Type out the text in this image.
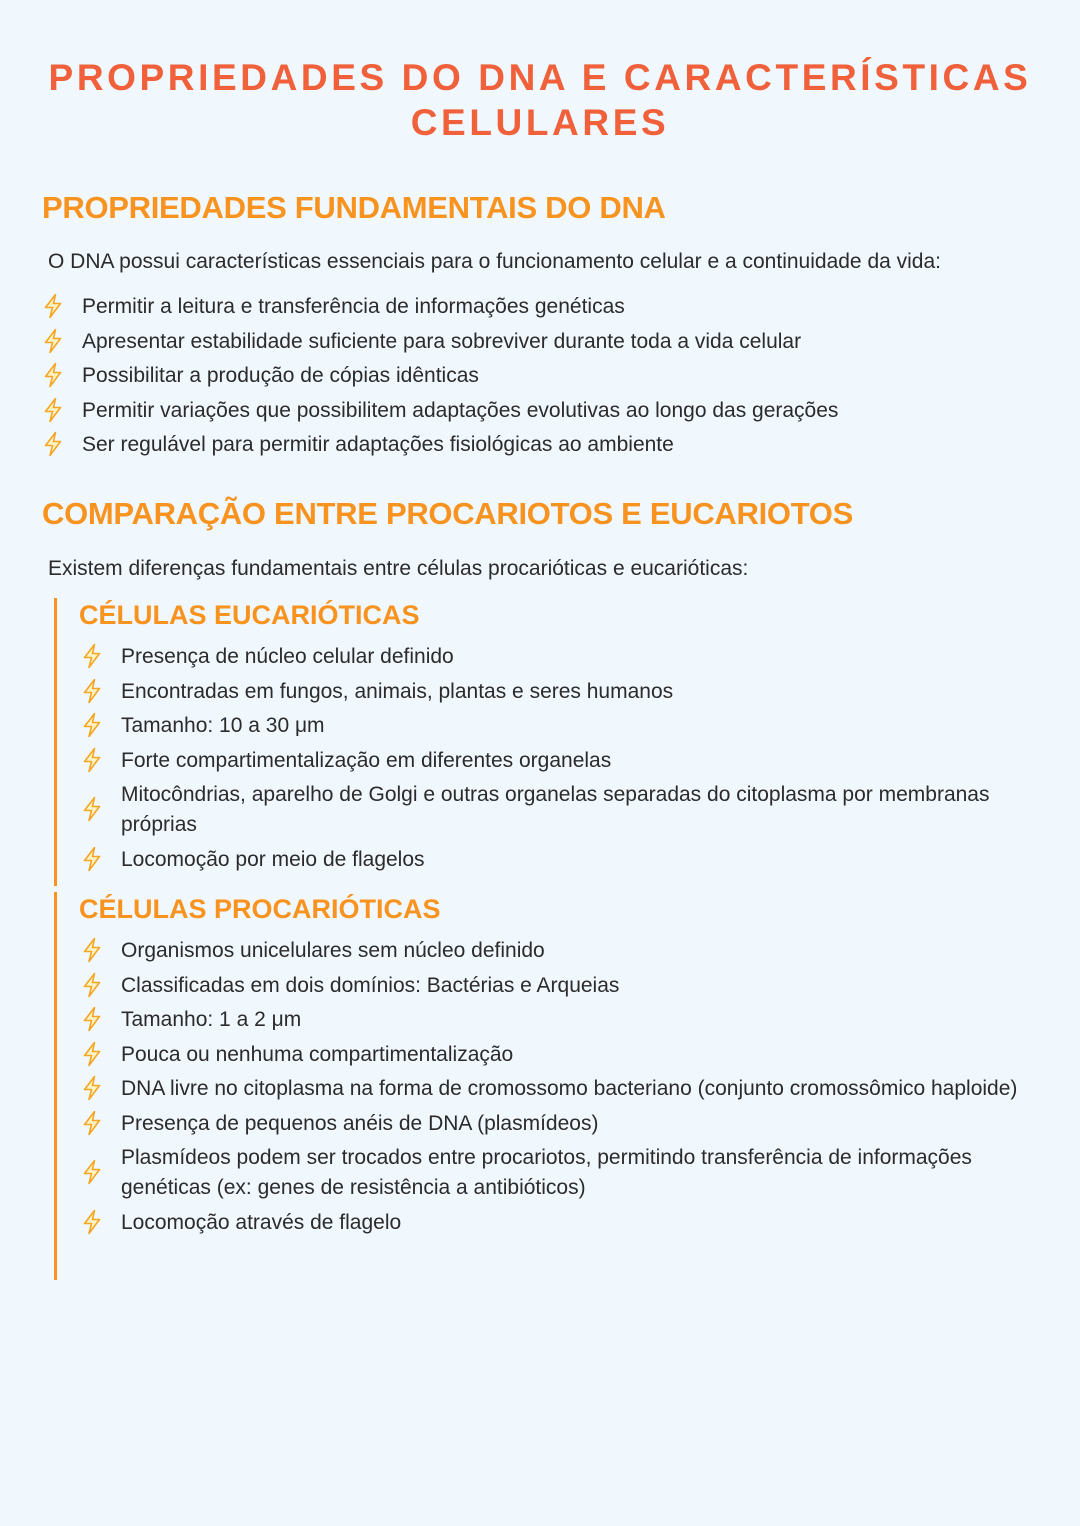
PROPRIEDADES DO DNA E CARACTERÍSTICAS CELULARES
PROPRIEDADES FUNDAMENTAIS DO DNA

O DNA possui características essenciais para o funcionamento celular e a continuidade da vida:

Permitir a leitura e transferência de informações genéticas
Apresentar estabilidade suficiente para sobreviver durante toda a vida celular
Possibilitar a produção de cópias idênticas
Permitir variações que possibilitem adaptações evolutivas ao longo das gerações
Ser regulável para permitir adaptações fisiológicas ao ambiente
COMPARAÇÃO ENTRE PROCARIOTOS E EUCARIOTOS

Existem diferenças fundamentais entre células procarióticas e eucarióticas:

CÉLULAS EUCARIÓTICAS
Presença de núcleo celular definido
Encontradas em fungos, animais, plantas e seres humanos
Tamanho: 10 a 30 μm
Forte compartimentalização em diferentes organelas
Mitocôndrias, aparelho de Golgi e outras organelas separadas do citoplasma por membranas próprias
Locomoção por meio de flagelos
CÉLULAS PROCARIÓTICAS
Organismos unicelulares sem núcleo definido
Classificadas em dois domínios: Bactérias e Arqueias
Tamanho: 1 a 2 μm
Pouca ou nenhuma compartimentalização
DNA livre no citoplasma na forma de cromossomo bacteriano (conjunto cromossômico haploide)
Presença de pequenos anéis de DNA (plasmídeos)
Plasmídeos podem ser trocados entre procariotos, permitindo transferência de informações genéticas (ex: genes de resistência a antibióticos)
Locomoção através de flagelo
